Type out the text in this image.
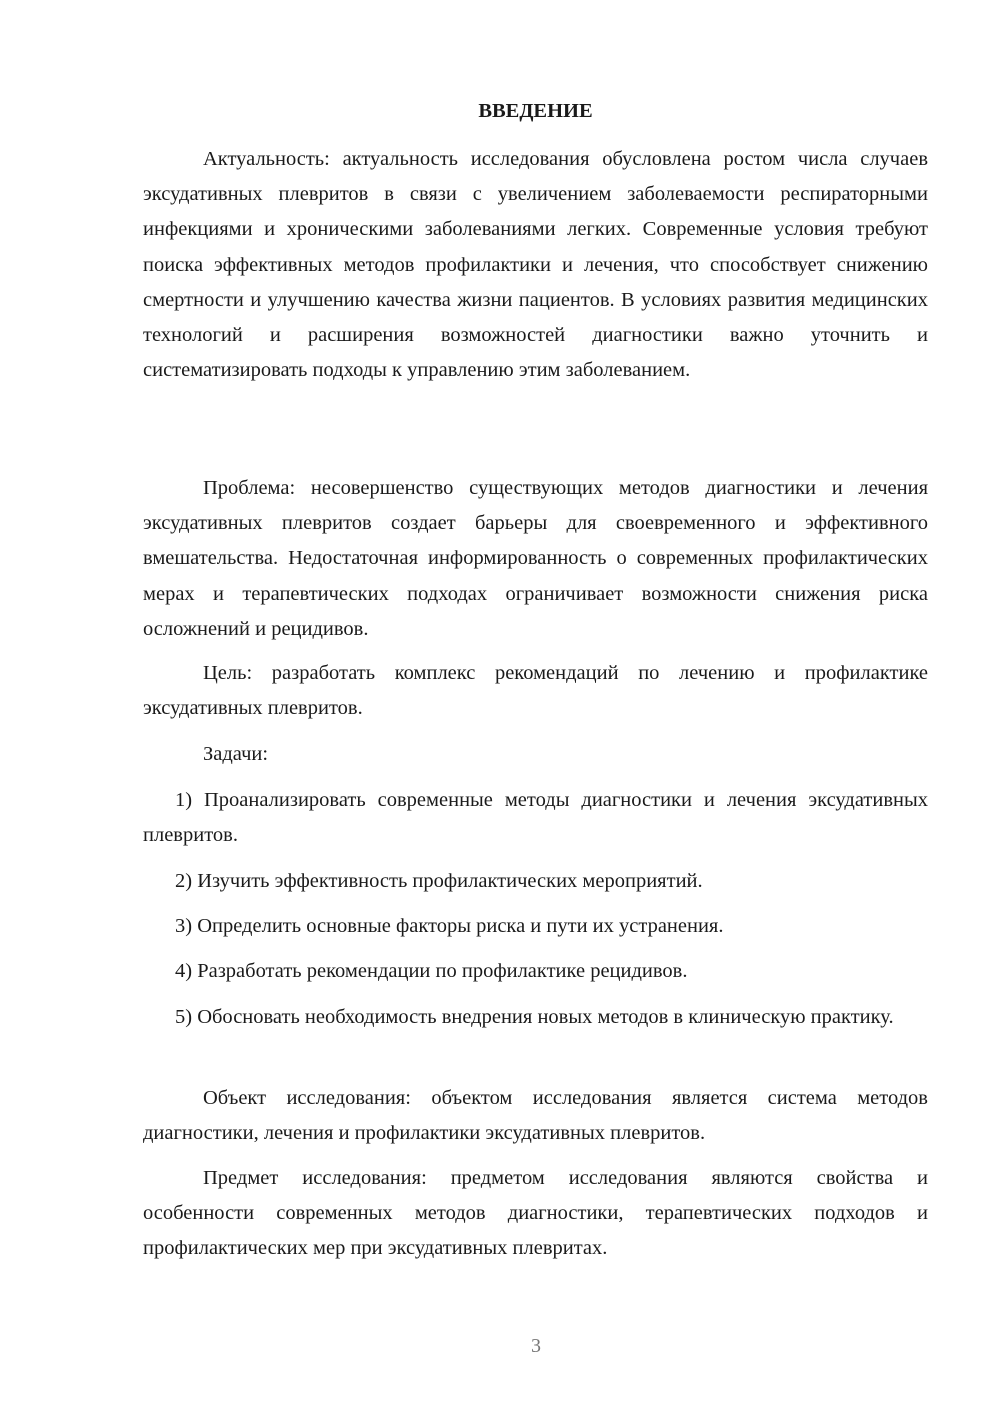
ВВЕДЕНИЕ

Актуальность: актуальность исследования обусловлена ростом числа случаев эксудативных плевритов в связи с увеличением заболеваемости респираторными инфекциями и хроническими заболеваниями легких. Современные условия требуют поиска эффективных методов профилактики и лечения, что способствует снижению смертности и улучшению качества жизни пациентов. В условиях развития медицинских технологий и расширения возможностей диагностики важно уточнить и систематизировать подходы к управлению этим заболеванием.

Проблема: несовершенство существующих методов диагностики и лечения эксудативных плевритов создает барьеры для своевременного и эффективного вмешательства. Недостаточная информированность о современных профилактических мерах и терапевтических подходах ограничивает возможности снижения риска осложнений и рецидивов.

Цель: разработать комплекс рекомендаций по лечению и профилактике эксудативных плевритов.

Задачи:

1) Проанализировать современные методы диагностики и лечения эксудативных плевритов.

2) Изучить эффективность профилактических мероприятий.

3) Определить основные факторы риска и пути их устранения.

4) Разработать рекомендации по профилактике рецидивов.

5) Обосновать необходимость внедрения новых методов в клиническую практику.

Объект исследования: объектом исследования является система методов диагностики, лечения и профилактики эксудативных плевритов.

Предмет исследования: предметом исследования являются свойства и особенности современных методов диагностики, терапевтических подходов и профилактических мер при эксудативных плевритах.

3
